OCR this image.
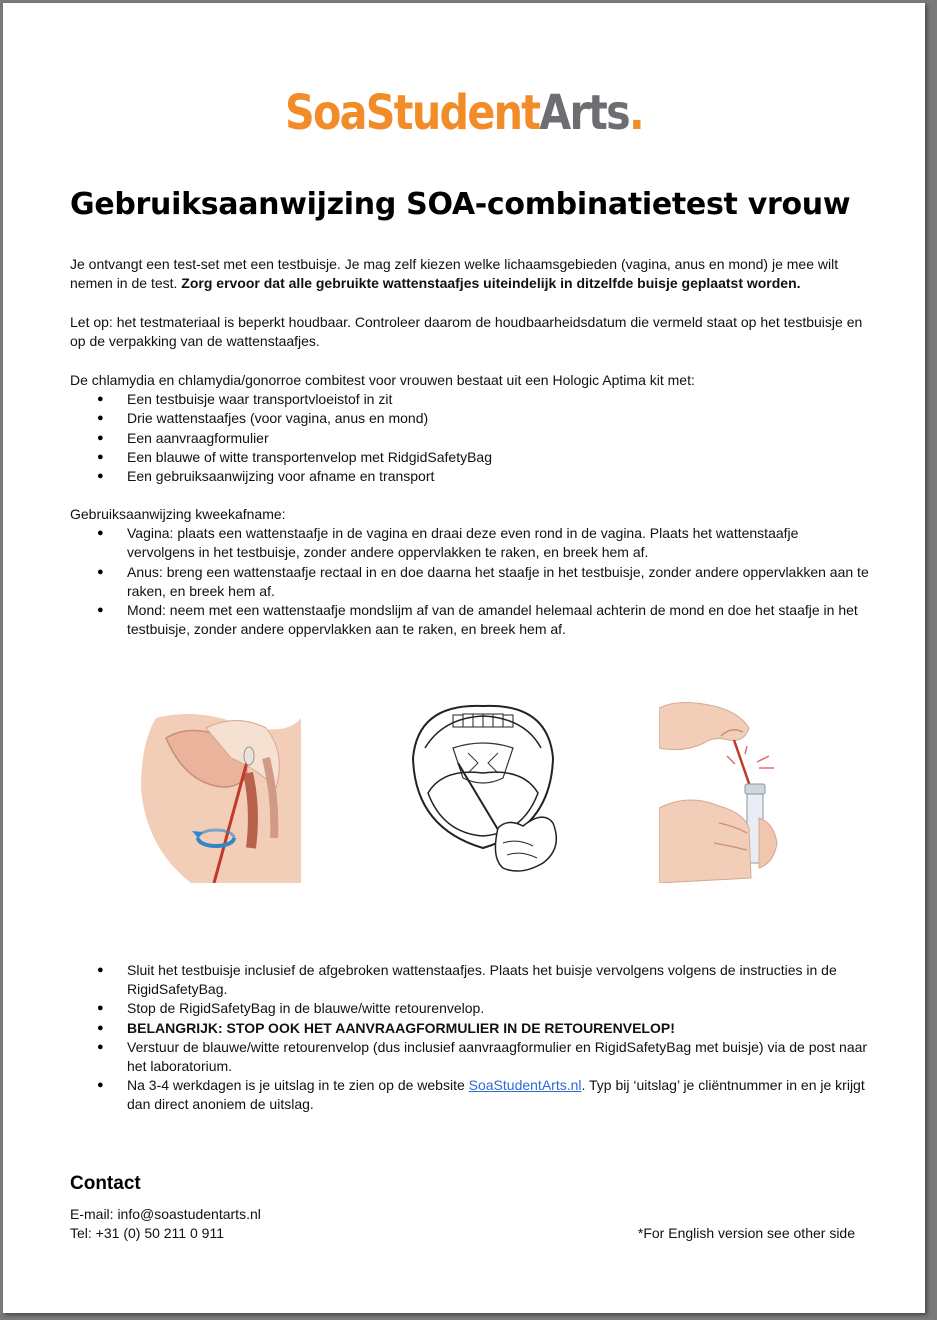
SoaStudentArts.
Gebruiksaanwijzing SOA-combinatietest vrouw

Je ontvangt een test-set met een testbuisje. Je mag zelf kiezen welke lichaamsgebieden (vagina, anus en mond) je mee wilt nemen in de test. Zorg ervoor dat alle gebruikte wattenstaafjes uiteindelijk in ditzelfde buisje geplaatst worden.

Let op: het testmateriaal is beperkt houdbaar. Controleer daarom de houdbaarheidsdatum die vermeld staat op het testbuisje en op de verpakking van de wattenstaafjes.

De chlamydia en chlamydia/gonorroe combitest voor vrouwen bestaat uit een Hologic Aptima kit met:

● Een testbuisje waar transportvloeistof in zit
● Drie wattenstaafjes (voor vagina, anus en mond)
● Een aanvraagformulier
● Een blauwe of witte transportenvelop met RidgidSafetyBag
● Een gebruiksaanwijzing voor afname en transport

Gebruiksaanwijzing kweekafname:

● Vagina: plaats een wattenstaafje in de vagina en draai deze even rond in de vagina. Plaats het wattenstaafje vervolgens in het testbuisje, zonder andere oppervlakken te raken, en breek hem af.
● Anus: breng een wattenstaafje rectaal in en doe daarna het staafje in het testbuisje, zonder andere oppervlakken aan te raken, en breek hem af.
● Mond: neem met een wattenstaafje mondslijm af van de amandel helemaal achterin de mond en doe het staafje in het testbuisje, zonder andere oppervlakken aan te raken, en breek hem af.
● Sluit het testbuisje inclusief de afgebroken wattenstaafjes. Plaats het buisje vervolgens volgens de instructies in de RigidSafetyBag.
● Stop de RigidSafetyBag in de blauwe/witte retourenvelop.
● BELANGRIJK: STOP OOK HET AANVRAAGFORMULIER IN DE RETOURENVELOP!
● Verstuur de blauwe/witte retourenvelop (dus inclusief aanvraagformulier en RigidSafetyBag met buisje) via de post naar het laboratorium.
● Na 3-4 werkdagen is je uitslag in te zien op de website SoaStudentArts.nl. Typ bij ‘uitslag’ je cliëntnummer in en je krijgt dan direct anoniem de uitslag.
Contact
E-mail: info@soastudentarts.nl
Tel: +31 (0) 50 211 0 911	*For English version see other side
